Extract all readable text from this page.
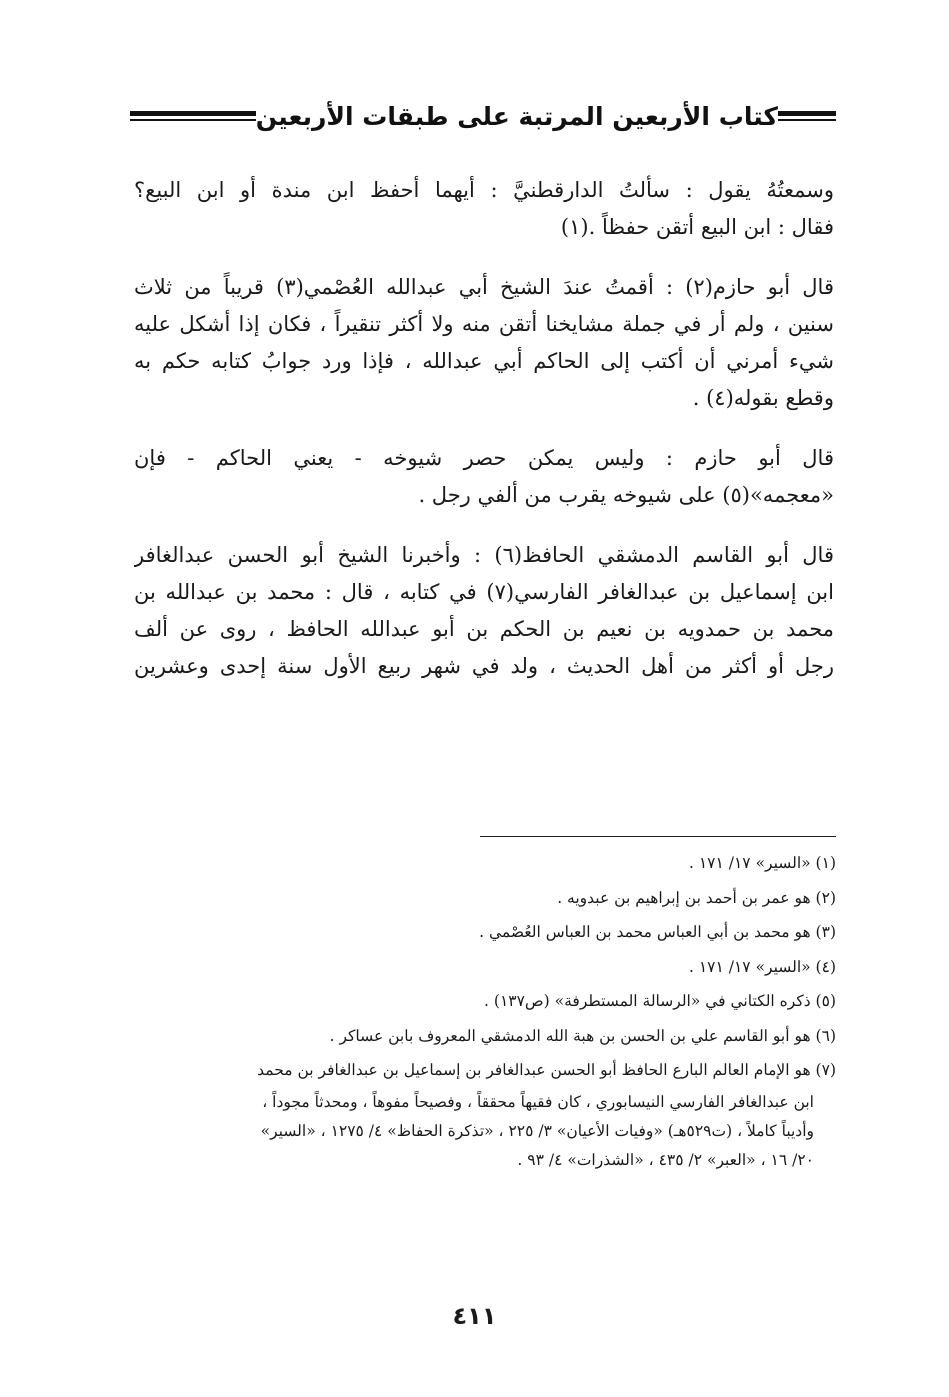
كتاب الأربعين المرتبة على طبقات الأربعين

وسمعتُهُ يقول : سألتُ الدارقطنيَّ : أيهما أحفظ ابن مندة أو ابن البيع؟
فقال : ابن البيع أتقن حفظاً .(١)

قال أبو حازم(٢) : أقمتُ عندَ الشيخ أبي عبدالله العُصْمي(٣) قريباً من ثلاث
سنين ، ولم أر في جملة مشايخنا أتقن منه ولا أكثر تنقيراً ، فكان إذا أشكل عليه
شيء أمرني أن أكتب إلى الحاكم أبي عبدالله ، فإذا ورد جوابُ كتابه حكم به
وقطع بقوله(٤) .

قال أبو حازم : وليس يمكن حصر شيوخه - يعني الحاكم - فإن
«معجمه»(٥) على شيوخه يقرب من ألفي رجل .

قال أبو القاسم الدمشقي الحافظ(٦) : وأخبرنا الشيخ أبو الحسن عبدالغافر
ابن إسماعيل بن عبدالغافر الفارسي(٧) في كتابه ، قال : محمد بن عبدالله بن
محمد بن حمدويه بن نعيم بن الحكم بن أبو عبدالله الحافظ ، روى عن ألف
رجل أو أكثر من أهل الحديث ، ولد في شهر ربيع الأول سنة إحدى وعشرين

(١) «السير» ١٧/ ١٧١ .
(٢) هو عمر بن أحمد بن إبراهيم بن عبدويه .
(٣) هو محمد بن أبي العباس محمد بن العباس العُصْمي .
(٤) «السير» ١٧/ ١٧١ .
(٥) ذكره الكتاني في «الرسالة المستطرفة» (ص١٣٧) .
(٦) هو أبو القاسم علي بن الحسن بن هبة الله الدمشقي المعروف بابن عساكر .
(٧) هو الإمام العالم البارع الحافظ أبو الحسن عبدالغافر بن إسماعيل بن عبدالغافر بن محمد
ابن عبدالغافر الفارسي النيسابوري ، كان فقيهاً محققاً ، وفصيحاً مفوهاً ، ومحدثاً مجوداً ،
وأديباً كاملاً ، (ت٥٢٩هـ) «وفيات الأعيان» ٣/ ٢٢٥ ، «تذكرة الحفاظ» ٤/ ١٢٧٥ ، «السير»
٢٠/ ١٦ ، «العبر» ٢/ ٤٣٥ ، «الشذرات» ٤/ ٩٣ .
٤١١
